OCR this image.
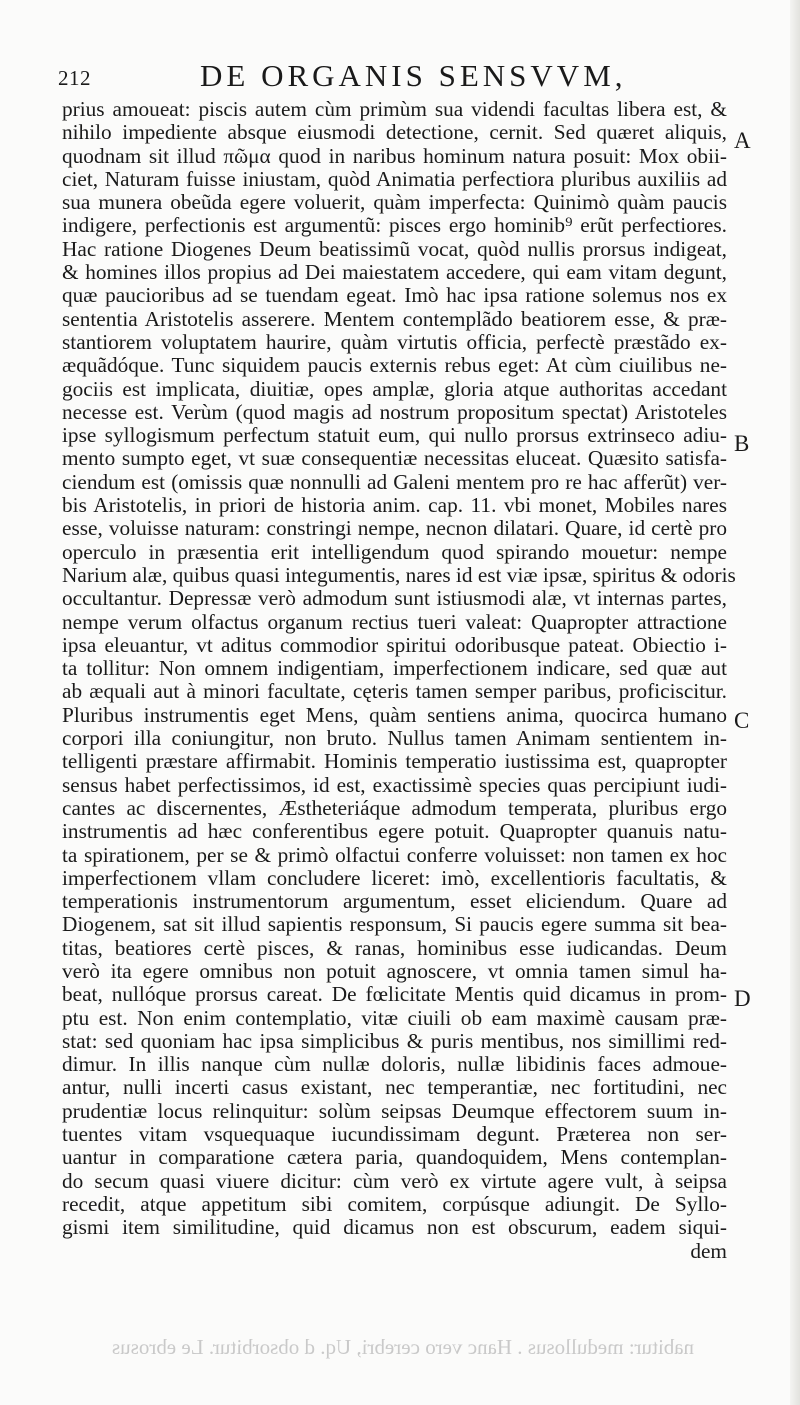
212	DE ORGANIS SENSVVM,
prius amoueat: piscis autem cùm primùm sua videndi facultas libera est, &
nihilo impediente absque eiusmodi detectione, cernit. Sed quæret aliquis,
quodnam sit illud πῶμα quod in naribus hominum natura posuit: Mox obii-
ciet, Naturam fuisse iniustam, quòd Animatia perfectiora pluribus auxiliis ad
sua munera obeũda egere voluerit, quàm imperfecta: Quinimò quàm paucis
indigere, perfectionis est argumentũ: pisces ergo hominib⁹ erũt perfectiores.
Hac ratione Diogenes Deum beatissimũ vocat, quòd nullis prorsus indigeat,
& homines illos propius ad Dei maiestatem accedere, qui eam vitam degunt,
quæ paucioribus ad se tuendam egeat. Imò hac ipsa ratione solemus nos ex
sententia Aristotelis asserere. Mentem contemplãdo beatiorem esse, & præ-
stantiorem voluptatem haurire, quàm virtutis officia, perfectè præstãdo ex-
æquãdóque. Tunc siquidem paucis externis rebus eget: At cùm ciuilibus ne-
gociis est implicata, diuitiæ, opes amplæ, gloria atque authoritas accedant
necesse est. Verùm (quod magis ad nostrum propositum spectat) Aristoteles
ipse syllogismum perfectum statuit eum, qui nullo prorsus extrinseco adiu-
mento sumpto eget, vt suæ consequentiæ necessitas eluceat. Quæsito satisfa-
ciendum est (omissis quæ nonnulli ad Galeni mentem pro re hac afferũt) ver-
bis Aristotelis, in priori de historia anim. cap. 11. vbi monet, Mobiles nares
esse, voluisse naturam: constringi nempe, necnon dilatari. Quare, id certè pro
operculo in præsentia erit intelligendum quod spirando mouetur: nempe
Narium alæ, quibus quasi integumentis, nares id est viæ ipsæ, spiritus & odoris
occultantur. Depressæ verò admodum sunt istiusmodi alæ, vt internas partes,
nempe verum olfactus organum rectius tueri valeat: Quapropter attractione
ipsa eleuantur, vt aditus commodior spiritui odoribusque pateat. Obiectio i-
ta tollitur: Non omnem indigentiam, imperfectionem indicare, sed quæ aut
ab æquali aut à minori facultate, cęteris tamen semper paribus, proficiscitur.
Pluribus instrumentis eget Mens, quàm sentiens anima, quocirca humano
corpori illa coniungitur, non bruto. Nullus tamen Animam sentientem in-
telligenti præstare affirmabit. Hominis temperatio iustissima est, quapropter
sensus habet perfectissimos, id est, exactissimè species quas percipiunt iudi-
cantes ac discernentes, Æstheteriáque admodum temperata, pluribus ergo
instrumentis ad hæc conferentibus egere potuit. Quapropter quanuis natu-
ta spirationem, per se & primò olfactui conferre voluisset: non tamen ex hoc
imperfectionem vllam concludere liceret: imò, excellentioris facultatis, &
temperationis instrumentorum argumentum, esset eliciendum. Quare ad
Diogenem, sat sit illud sapientis responsum, Si paucis egere summa sit bea-
titas, beatiores certè pisces, & ranas, hominibus esse iudicandas. Deum
verò ita egere omnibus non potuit agnoscere, vt omnia tamen simul ha-
beat, nullóque prorsus careat. De fœlicitate Mentis quid dicamus in prom-
ptu est. Non enim contemplatio, vitæ ciuili ob eam maximè causam præ-
stat: sed quoniam hac ipsa simplicibus & puris mentibus, nos simillimi red-
dimur. In illis nanque cùm nullæ doloris, nullæ libidinis faces admoue-
antur, nulli incerti casus existant, nec temperantiæ, nec fortitudini, nec
prudentiæ locus relinquitur: solùm seipsas Deumque effectorem suum in-
tuentes vitam vsquequaque iucundissimam degunt. Præterea non ser-
uantur in comparatione cætera paria, quandoquidem, Mens contemplan-
do secum quasi viuere dicitur: cùm verò ex virtute agere vult, à seipsa
recedit, atque appetitum sibi comitem, corpúsque adiungit. De Syllo-
gismi item similitudine, quid dicamus non est obscurum, eadem siqui-
dem
A
B
C
D
nabitur: medullosus . Hanc vero cerebri, Uq. d obsorbitur. Le ebrosus
